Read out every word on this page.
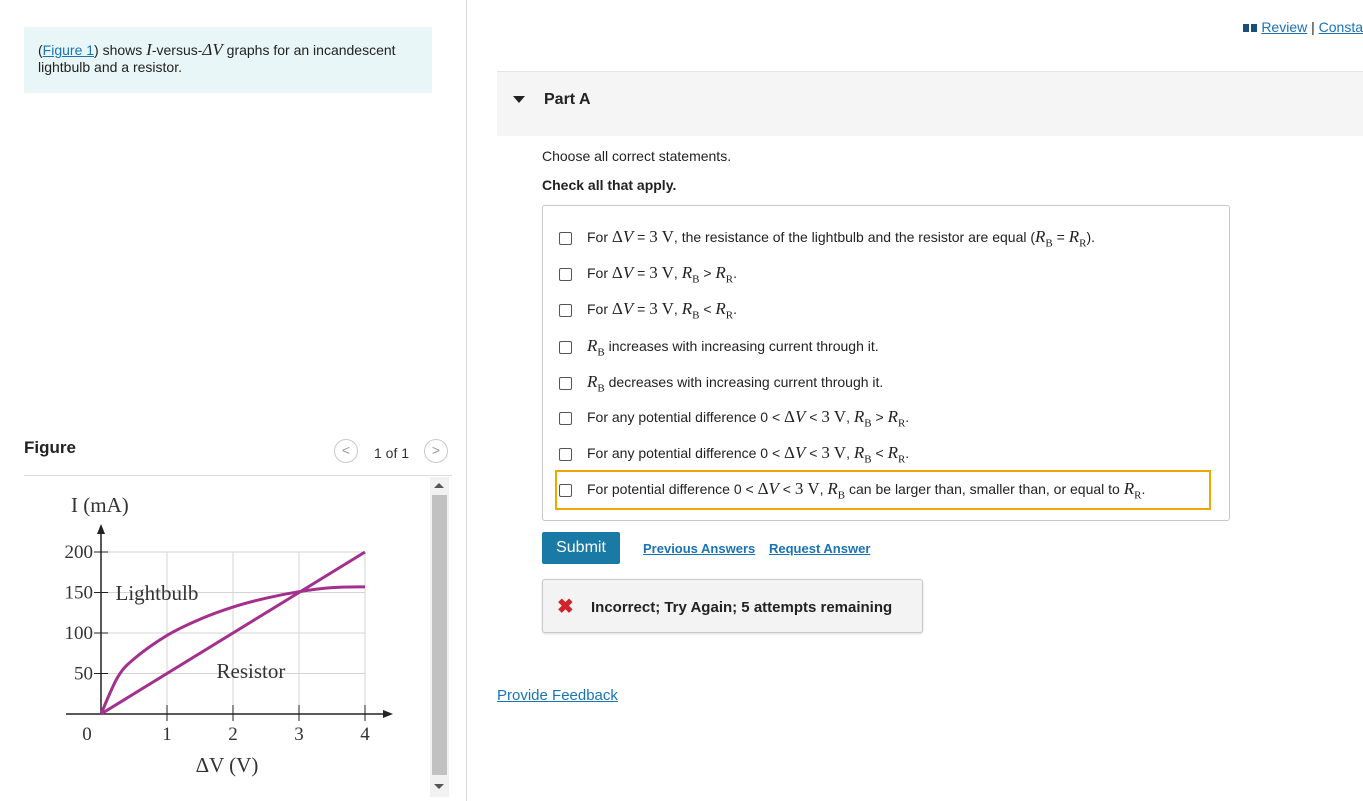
(Figure 1) shows I-versus-ΔV graphs for an incandescent lightbulb and a resistor.
Figure	<	1 of 1	>
50
100
150
200
0	1	2	3	4
I (mA)
ΔV (V)
Lightbulb
Resistor
Review | Consta
Part A
Choose all correct statements.
Check all that apply.
For ΔV = 3 V, the resistance of the lightbulb and the resistor are equal $(R_B = R_R)$.
For ΔV = 3 V, $R_B > R_R$.
For ΔV = 3 V, $R_B < R_R$.
$R_B$ increases with increasing current through it.
$R_B$ decreases with increasing current through it.
For any potential difference 0 < ΔV < 3 V, $R_B > R_R$.
For any potential difference 0 < ΔV < 3 V, $R_B < R_R$.
For potential difference 0 < ΔV < 3 V, $R_B$ can be larger than, smaller than, or equal to $R_R$.
Submit	Previous Answers Request Answer
✖ Incorrect; Try Again; 5 attempts remaining
Provide Feedback
